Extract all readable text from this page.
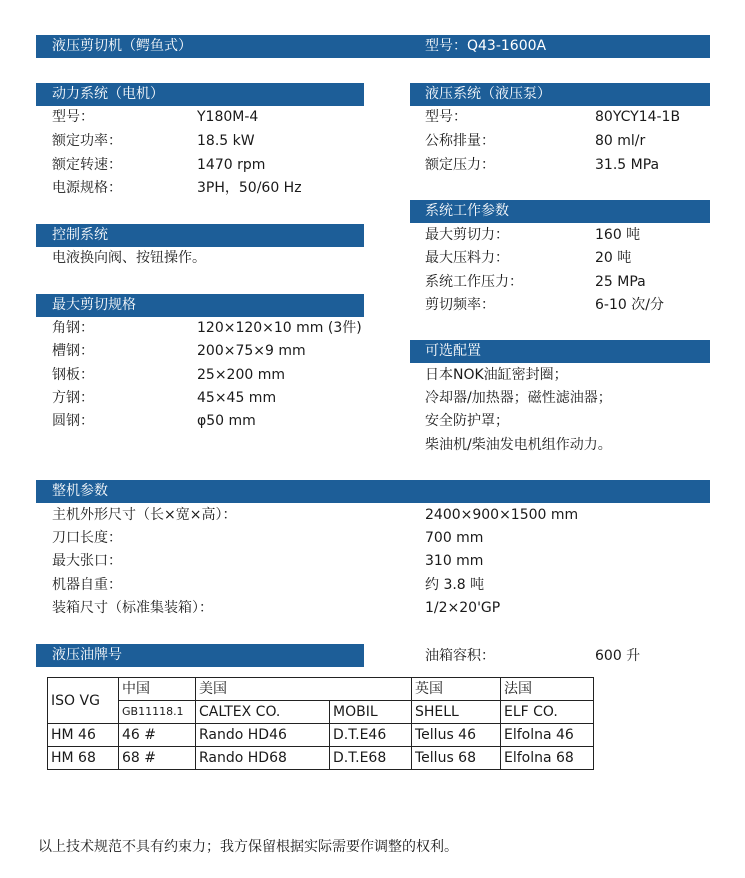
液压剪切机（鳄鱼式）	型号：Q43-1600A
动力系统（电机）
型号：	Y180M-4
额定功率：	18.5 kW
额定转速：	1470 rpm
电源规格：	3PH，50/60 Hz
液压系统（液压泵）
型号：	80YCY14-1B
公称排量：	80 ml/r
额定压力：	31.5 MPa
控制系统
电液换向阀、按钮操作。
系统工作参数
最大剪切力：	160 吨
最大压料力：	20 吨
系统工作压力：	25 MPa
剪切频率：	6-10 次/分
最大剪切规格
角钢：	120×120×10 mm (3件)
槽钢：	200×75×9 mm
钢板：	25×200 mm
方钢：	45×45 mm
圆钢：	φ50 mm
可选配置
日本NOK油缸密封圈；
冷却器/加热器；磁性滤油器；
安全防护罩；
柴油机/柴油发电机组作动力。
整机参数
主机外形尺寸（长×宽×高）：	2400×900×1500 mm
刀口长度：	700 mm
最大张口：	310 mm
机器自重：	约 3.8 吨
装箱尺寸（标准集装箱）：	1/2×20'GP
液压油牌号	油箱容积：	600 升
ISO VG	中国	美国		英国	法国
	GB11118.1	CALTEX CO.	MOBIL	SHELL	ELF CO.
HM 46	46 #	Rando HD46	D.T.E46	Tellus 46	Elfolna 46
HM 68	68 #	Rando HD68	D.T.E68	Tellus 68	Elfolna 68
以上技术规范不具有约束力；我方保留根据实际需要作调整的权利。
